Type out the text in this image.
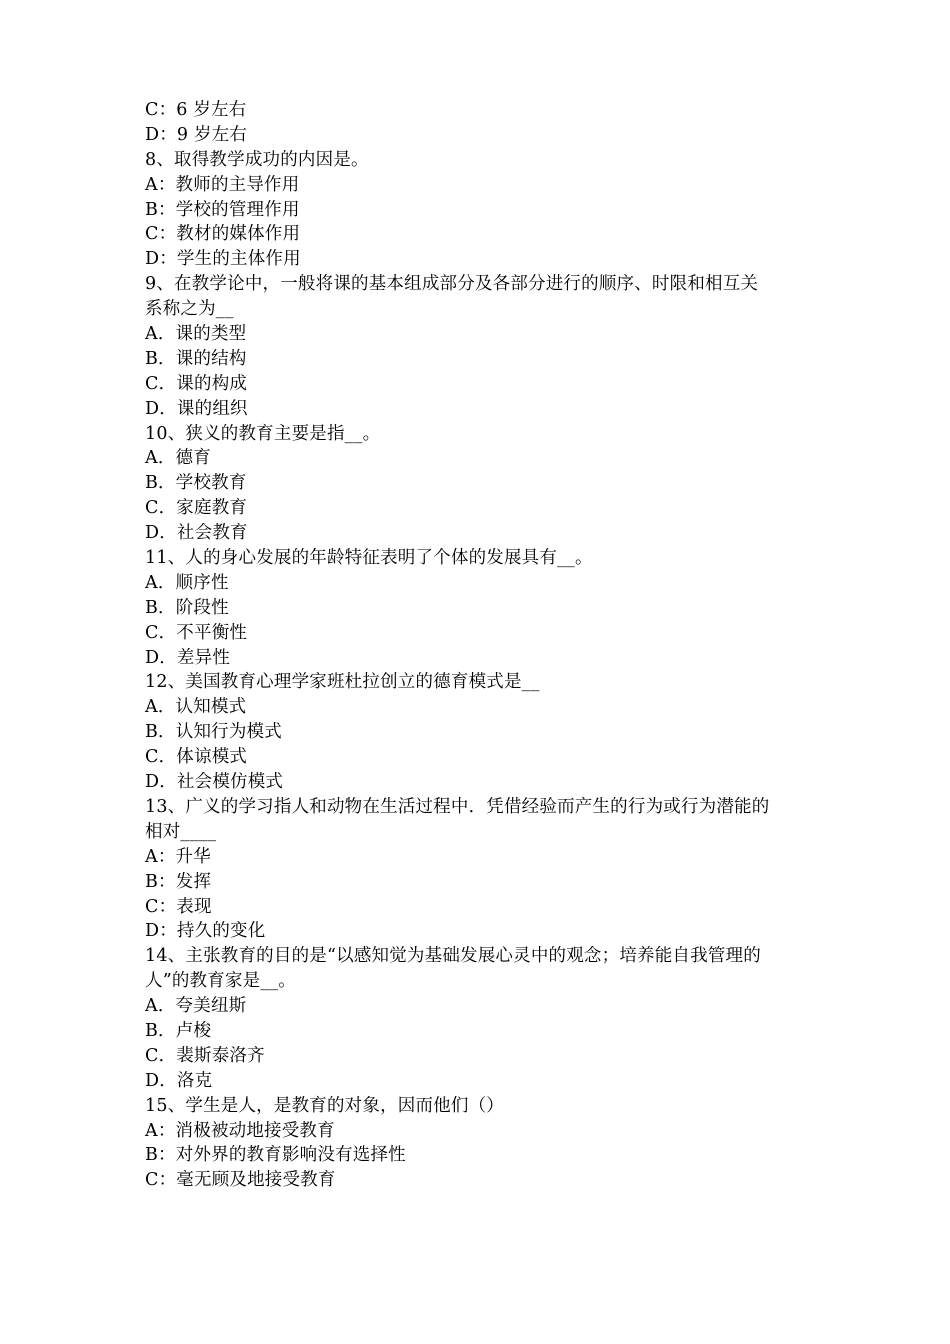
C：6 岁左右
D：9 岁左右
8、取得教学成功的内因是。
A：教师的主导作用
B：学校的管理作用
C：教材的媒体作用
D：学生的主体作用
9、在教学论中，一般将课的基本组成部分及各部分进行的顺序、时限和相互关
系称之为__
A．课的类型
B．课的结构
C．课的构成
D．课的组织
10、狭义的教育主要是指__。
A．德育
B．学校教育
C．家庭教育
D．社会教育
11、人的身心发展的年龄特征表明了个体的发展具有__。
A．顺序性
B．阶段性
C．不平衡性
D．差异性
12、美国教育心理学家班杜拉创立的德育模式是__
A．认知模式
B．认知行为模式
C．体谅模式
D．社会模仿模式
13、广义的学习指人和动物在生活过程中．凭借经验而产生的行为或行为潜能的
相对____
A：升华
B：发挥
C：表现
D：持久的变化
14、主张教育的目的是“以感知觉为基础发展心灵中的观念；培养能自我管理的
人”的教育家是__。
A．夸美纽斯
B．卢梭
C．裴斯泰洛齐
D．洛克
15、学生是人，是教育的对象，因而他们（）
A：消极被动地接受教育
B：对外界的教育影响没有选择性
C：毫无顾及地接受教育
